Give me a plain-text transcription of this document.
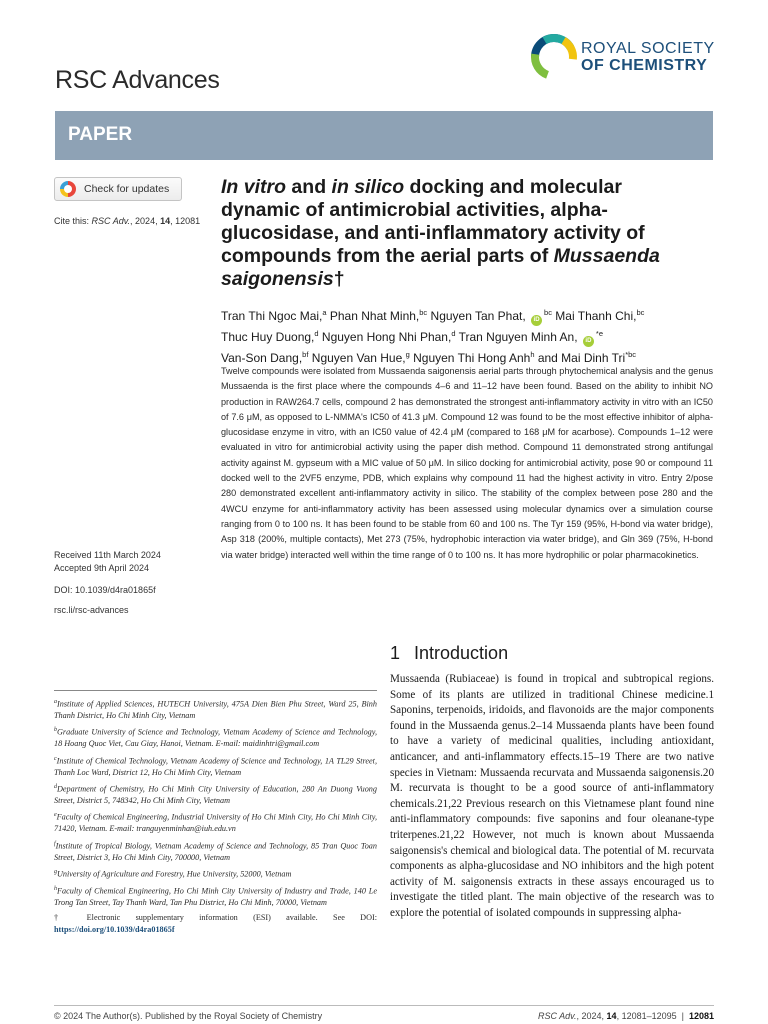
RSC Advances
ROYAL SOCIETY
OF CHEMISTRY
PAPER
Check for updates
Cite this: RSC Adv., 2024, 14, 12081
Received 11th March 2024
Accepted 9th April 2024
DOI: 10.1039/d4ra01865f
rsc.li/rsc-advances
In vitro and in silico docking and molecular dynamic of antimicrobial activities, alpha-glucosidase, and anti-inflammatory activity of compounds from the aerial parts of Mussaenda saigonensis†
Tran Thi Ngoc Mai,$^a$ Phan Nhat Minh,$^{bc}$ Nguyen Tan Phat, $iD^{bc}$ Mai Thanh Chi,$^{bc}$
Thuc Huy Duong,$^d$ Nguyen Hong Nhi Phan,$^d$ Tran Nguyen Minh An, $iD^{*e}$
Van-Son Dang,$^{bf}$ Nguyen Van Hue,$^g$ Nguyen Thi Hong Anh$^h$ and Mai Dinh Tri$^{*bc}$

Twelve compounds were isolated from Mussaenda saigonensis aerial parts through phytochemical analysis and the genus Mussaenda is the first place where the compounds 4–6 and 11–12 have been found. Based on the ability to inhibit NO production in RAW264.7 cells, compound 2 has demonstrated the strongest anti-inflammatory activity in vitro with an IC50 of 7.6 μM, as opposed to L-NMMA's IC50 of 41.3 μM. Compound 12 was found to be the most effective inhibitor of alpha-glucosidase enzyme in vitro, with an IC50 value of 42.4 μM (compared to 168 μM for acarbose). Compounds 1–12 were evaluated in vitro for antimicrobial activity using the paper dish method. Compound 11 demonstrated strong antifungal activity against M. gypseum with a MIC value of 50 μM. In silico docking for antimicrobial activity, pose 90 or compound 11 docked well to the 2VF5 enzyme, PDB, which explains why compound 11 had the highest activity in vitro. Entry 2/pose 280 demonstrated excellent anti-inflammatory activity in silico. The stability of the complex between pose 280 and the 4WCU enzyme for anti-inflammatory activity has been assessed using molecular dynamics over a simulation course ranging from 0 to 100 ns. It has been found to be stable from 60 and 100 ns. The Tyr 159 (95%, H-bond via water bridge), Asp 318 (200%, multiple contacts), Met 273 (75%, hydrophobic interaction via water bridge), and Gln 369 (75%, H-bond via water bridge) interacted well within the time range of 0 to 100 ns. It has more hydrophilic or polar pharmacokinetics.

$^a$Institute of Applied Sciences, HUTECH University, 475A Dien Bien Phu Street, Ward 25, Binh Thanh District, Ho Chi Minh City, Vietnam

$^b$Graduate University of Science and Technology, Vietnam Academy of Science and Technology, 18 Hoang Quoc Viet, Cau Giay, Hanoi, Vietnam. E-mail: maidinhtri@gmail.com

$^c$Institute of Chemical Technology, Vietnam Academy of Science and Technology, 1A TL29 Street, Thanh Loc Ward, District 12, Ho Chi Minh City, Vietnam

$^d$Department of Chemistry, Ho Chi Minh City University of Education, 280 An Duong Vuong Street, District 5, 748342, Ho Chi Minh City, Vietnam

$^e$Faculty of Chemical Engineering, Industrial University of Ho Chi Minh City, Ho Chi Minh City, 71420, Vietnam. E-mail: tranguyenminhan@iuh.edu.vn

$^f$Institute of Tropical Biology, Vietnam Academy of Science and Technology, 85 Tran Quoc Toan Street, District 3, Ho Chi Minh City, 700000, Vietnam

$^g$University of Agriculture and Forestry, Hue University, 52000, Vietnam

$^h$Faculty of Chemical Engineering, Ho Chi Minh City University of Industry and Trade, 140 Le Trong Tan Street, Tay Thanh Ward, Tan Phu District, Ho Chi Minh, 70000, Vietnam

† Electronic supplementary information (ESI) available. See DOI: https://doi.org/10.1039/d4ra01865f

1 Introduction

Mussaenda (Rubiaceae) is found in tropical and subtropical regions. Some of its plants are utilized in traditional Chinese medicine.1 Saponins, terpenoids, iridoids, and flavonoids are the major components found in the Mussaenda genus.2–14 Mussaenda plants have been found to have a variety of medicinal qualities, including antioxidant, anticancer, and anti-inflammatory effects.15–19 There are two native species in Vietnam: Mussaenda recurvata and Mussaenda saigonensis.20 M. recurvata is thought to be a good source of anti-inflammatory chemicals.21,22 Previous research on this Vietnamese plant found nine anti-inflammatory compounds: five saponins and four oleanane-type triterpenes.21,22 However, not much is known about Mussaenda saigonensis's chemical and biological data. The potential of M. recurvata components as alpha-glucosidase and NO inhibitors and the high potent activity of M. saigonensis extracts in these assays encouraged us to investigate the titled plant. The main objective of the research was to explore the potential of isolated compounds in suppressing alpha-

© 2024 The Author(s). Published by the Royal Society of Chemistry	RSC Adv., 2024, 14, 12081–12095  |  12081
